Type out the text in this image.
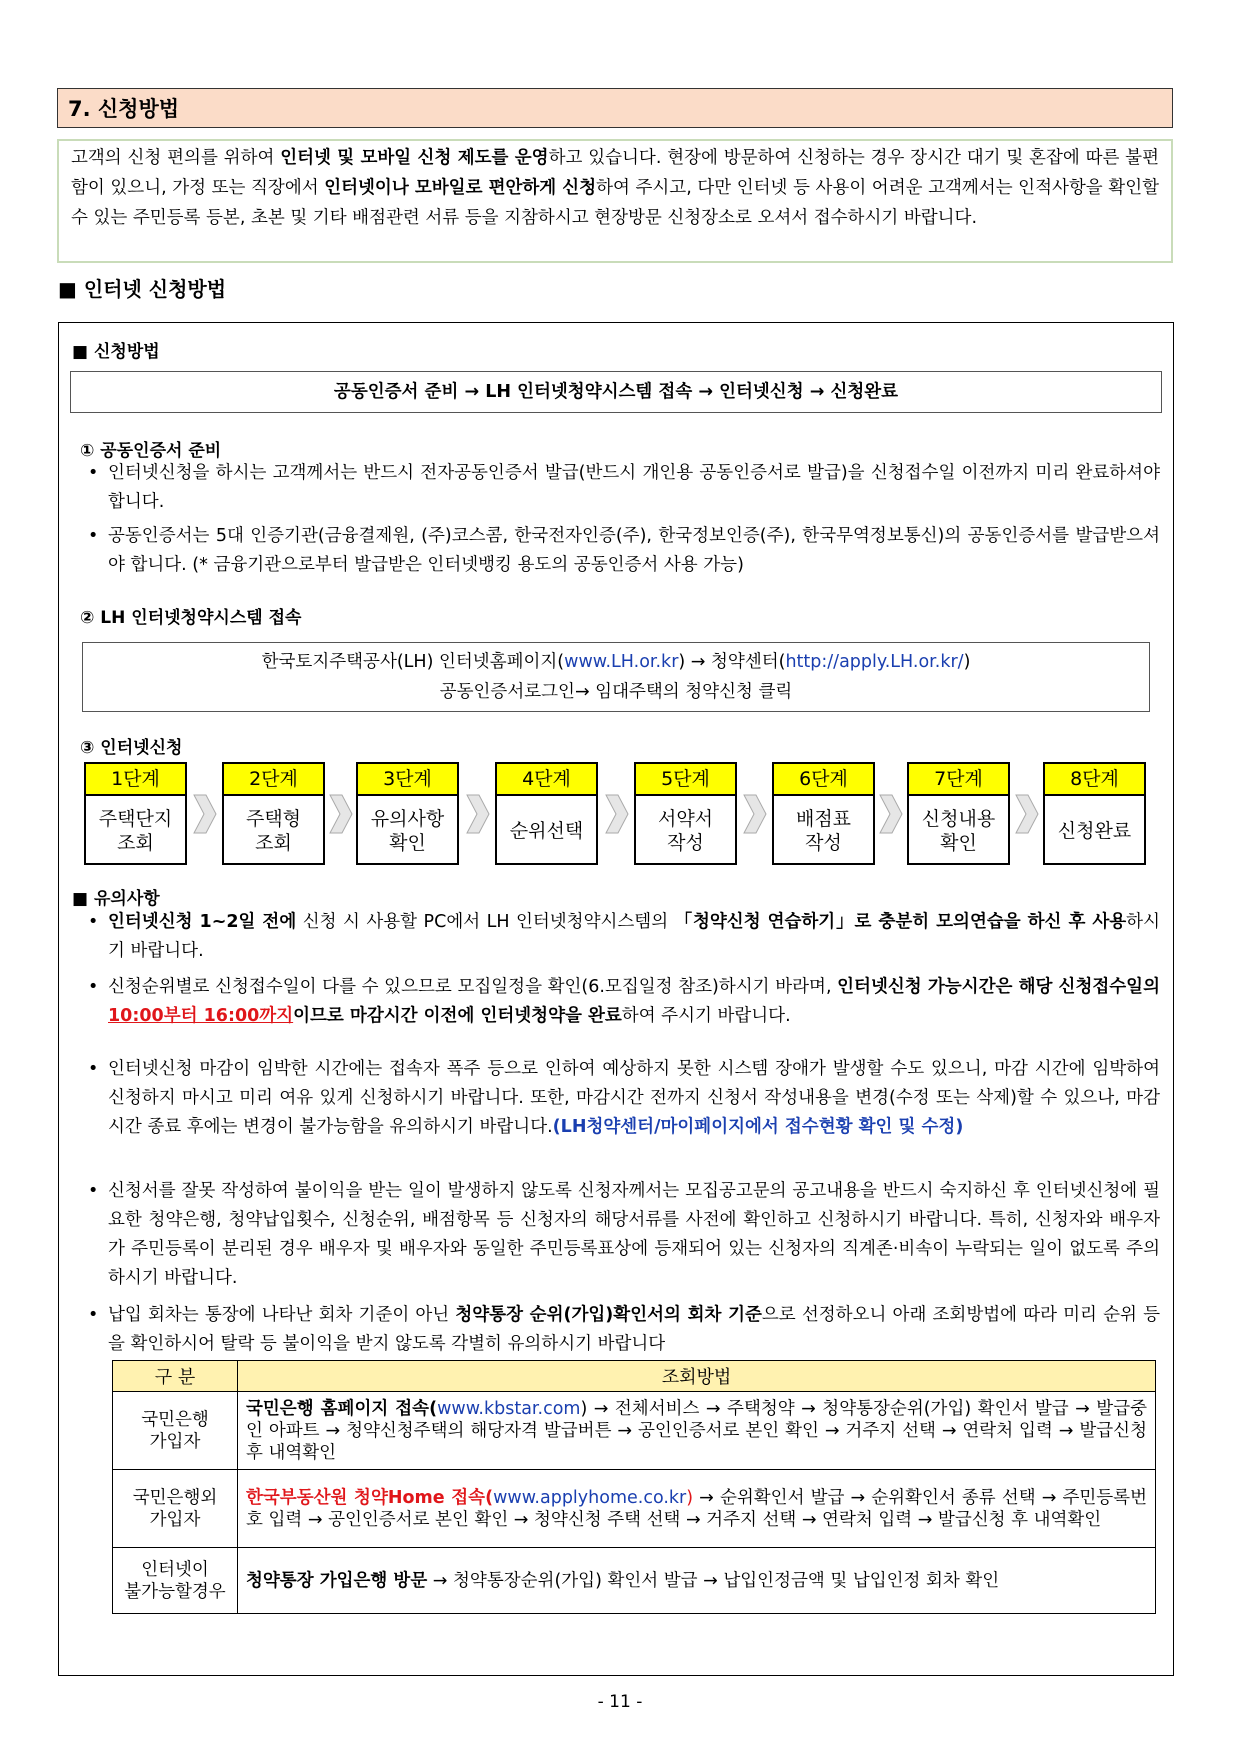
7. 신청방법
고객의 신청 편의를 위하여 인터넷 및 모바일 신청 제도를 운영하고 있습니다. 현장에 방문하여 신청하는 경우 장시간 대기 및 혼잡에 따른 불편함이 있으니, 가정 또는 직장에서 인터넷이나 모바일로 편안하게 신청하여 주시고, 다만 인터넷 등 사용이 어려운 고객께서는 인적사항을 확인할 수 있는 주민등록 등본, 초본 및 기타 배점관련 서류 등을 지참하시고 현장방문 신청장소로 오셔서 접수하시기 바랍니다.
■ 인터넷 신청방법
■ 신청방법
공동인증서 준비 → LH 인터넷청약시스템 접속 → 인터넷신청 → 신청완료
① 공동인증서 준비
• 인터넷신청을 하시는 고객께서는 반드시 전자공동인증서 발급(반드시 개인용 공동인증서로 발급)을 신청접수일 이전까지 미리 완료하셔야 합니다.
• 공동인증서는 5대 인증기관(금융결제원, (주)코스콤, 한국전자인증(주), 한국정보인증(주), 한국무역정보통신)의 공동인증서를 발급받으셔야 합니다. (* 금융기관으로부터 발급받은 인터넷뱅킹 용도의 공동인증서 사용 가능)
② LH 인터넷청약시스템 접속
한국토지주택공사(LH) 인터넷홈페이지(www.LH.or.kr) → 청약센터(http://apply.LH.or.kr/)
공동인증서로그인→ 임대주택의 청약신청 클릭
③ 인터넷신청
1단계
주택단지
조회
2단계
주택형
조회
3단계
유의사항
확인
4단계
순위선택
5단계
서약서
작성
6단계
배점표
작성
7단계
신청내용
확인
8단계
신청완료
■ 유의사항
• 인터넷신청 1~2일 전에 신청 시 사용할 PC에서 LH 인터넷청약시스템의 「청약신청 연습하기」로 충분히 모의연습을 하신 후 사용하시기 바랍니다.
• 신청순위별로 신청접수일이 다를 수 있으므로 모집일정을 확인(6.모집일정 참조)하시기 바라며, 인터넷신청 가능시간은 해당 신청접수일의 10:00부터 16:00까지이므로 마감시간 이전에 인터넷청약을 완료하여 주시기 바랍니다.
• 인터넷신청 마감이 임박한 시간에는 접속자 폭주 등으로 인하여 예상하지 못한 시스템 장애가 발생할 수도 있으니, 마감 시간에 임박하여 신청하지 마시고 미리 여유 있게 신청하시기 바랍니다. 또한, 마감시간 전까지 신청서 작성내용을 변경(수정 또는 삭제)할 수 있으나, 마감 시간 종료 후에는 변경이 불가능함을 유의하시기 바랍니다.(LH청약센터/마이페이지에서 접수현황 확인 및 수정)
• 신청서를 잘못 작성하여 불이익을 받는 일이 발생하지 않도록 신청자께서는 모집공고문의 공고내용을 반드시 숙지하신 후 인터넷신청에 필요한 청약은행, 청약납입횟수, 신청순위, 배점항목 등 신청자의 해당서류를 사전에 확인하고 신청하시기 바랍니다. 특히, 신청자와 배우자가 주민등록이 분리된 경우 배우자 및 배우자와 동일한 주민등록표상에 등재되어 있는 신청자의 직계존·비속이 누락되는 일이 없도록 주의하시기 바랍니다.
• 납입 회차는 통장에 나타난 회차 기준이 아닌 청약통장 순위(가입)확인서의 회차 기준으로 선정하오니 아래 조회방법에 따라 미리 순위 등을 확인하시어 탈락 등 불이익을 받지 않도록 각별히 유의하시기 바랍니다
구 분	조회방법

국민은행
가입자	국민은행 홈페이지 접속(www.kbstar.com) → 전체서비스 → 주택청약 → 청약통장순위(가입) 확인서 발급 → 발급중인 아파트 → 청약신청주택의 해당자격 발급버튼 → 공인인증서로 본인 확인 → 거주지 선택 → 연락처 입력 → 발급신청 후 내역확인

국민은행외
가입자	한국부동산원 청약Home 접속(www.applyhome.co.kr) → 순위확인서 발급 → 순위확인서 종류 선택 → 주민등록번호 입력 → 공인인증서로 본인 확인 → 청약신청 주택 선택 → 거주지 선택 → 연락처 입력 → 발급신청 후 내역확인

인터넷이
불가능할경우	청약통장 가입은행 방문 → 청약통장순위(가입) 확인서 발급 → 납입인정금액 및 납입인정 회차 확인
- 11 -
